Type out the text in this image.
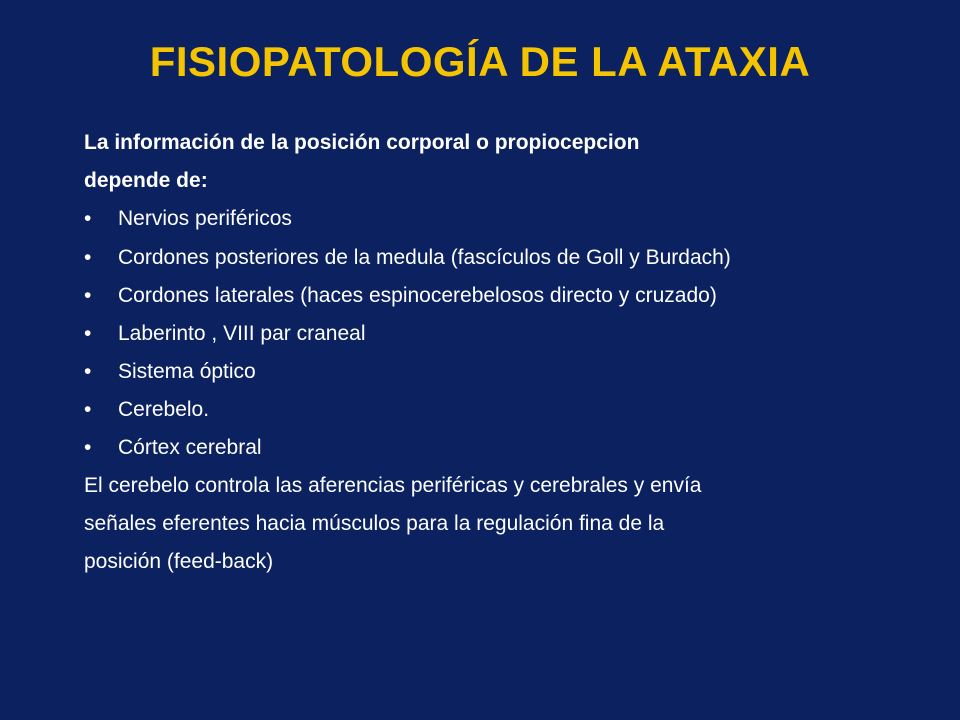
FISIOPATOLOGÍA DE LA ATAXIA
La información de la posición corporal o propiocepcion
depende de:
• Nervios periféricos
• Cordones posteriores de la medula (fascículos de Goll y Burdach)
• Cordones laterales (haces espinocerebelosos directo y cruzado)
• Laberinto , VIII par craneal
• Sistema óptico
• Cerebelo.
• Córtex cerebral
El cerebelo controla las aferencias periféricas y cerebrales y envía
señales eferentes hacia músculos para la regulación fina de la
posición (feed-back)
